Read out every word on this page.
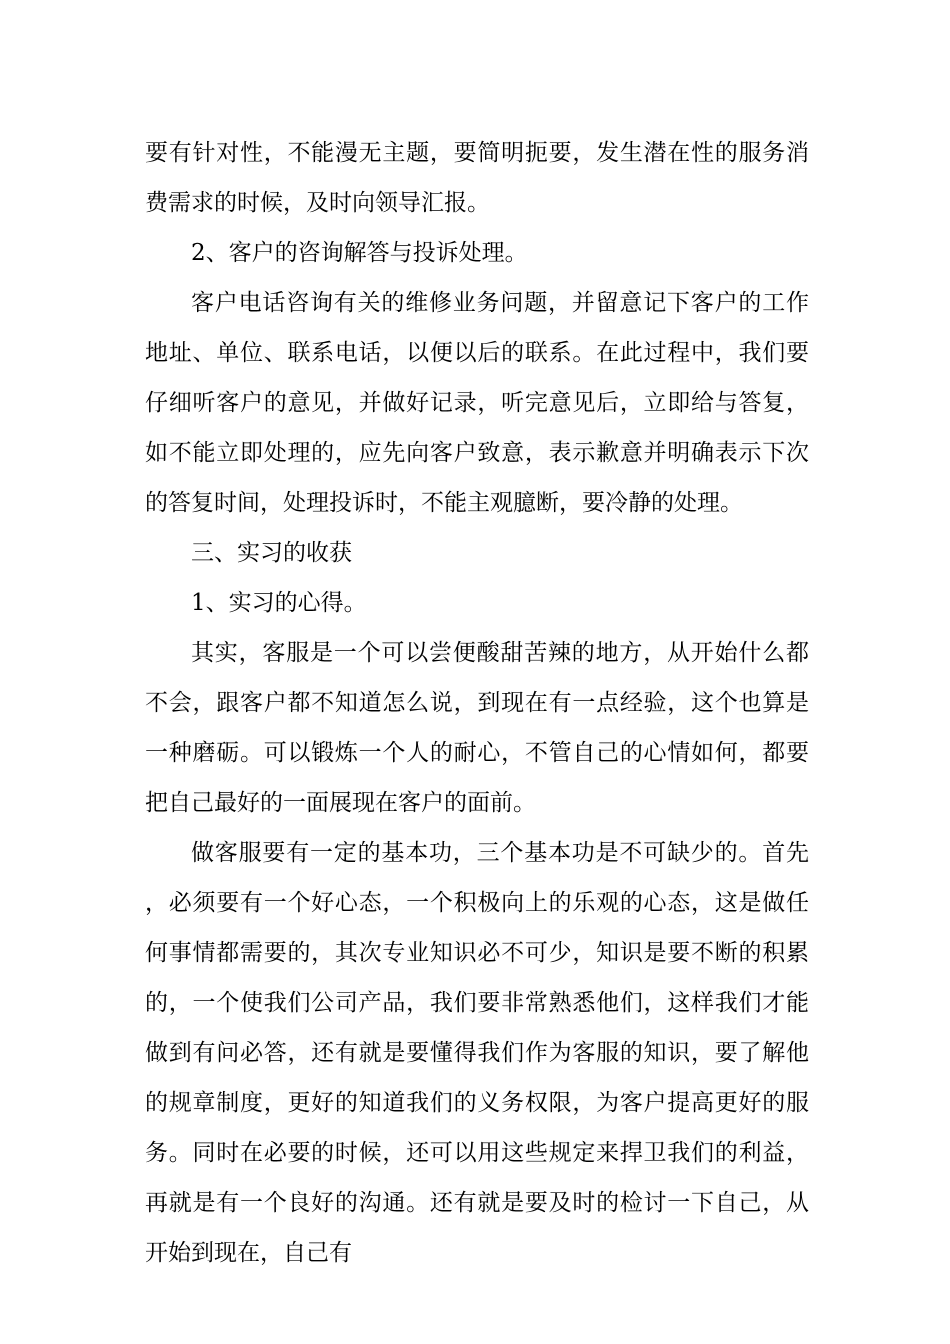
要有针对性，不能漫无主题，要简明扼要，发生潜在性的服务消费需求的时候，及时向领导汇报。

2、客户的咨询解答与投诉处理。

客户电话咨询有关的维修业务问题，并留意记下客户的工作地址、单位、联系电话，以便以后的联系。在此过程中，我们要仔细听客户的意见，并做好记录，听完意见后，立即给与答复，如不能立即处理的，应先向客户致意，表示歉意并明确表示下次的答复时间，处理投诉时，不能主观臆断，要冷静的处理。

三、实习的收获

1、实习的心得。

其实，客服是一个可以尝便酸甜苦辣的地方，从开始什么都不会，跟客户都不知道怎么说，到现在有一点经验，这个也算是一种磨砺。可以锻炼一个人的耐心，不管自己的心情如何，都要把自己最好的一面展现在客户的面前。

做客服要有一定的基本功，三个基本功是不可缺少的。首先，必须要有一个好心态，一个积极向上的乐观的心态，这是做任何事情都需要的，其次专业知识必不可少，知识是要不断的积累的，一个使我们公司产品，我们要非常熟悉他们，这样我们才能做到有问必答，还有就是要懂得我们作为客服的知识，要了解他的规章制度，更好的知道我们的义务权限，为客户提高更好的服务。同时在必要的时候，还可以用这些规定来捍卫我们的利益，再就是有一个良好的沟通。还有就是要及时的检讨一下自己，从开始到现在，自己有
